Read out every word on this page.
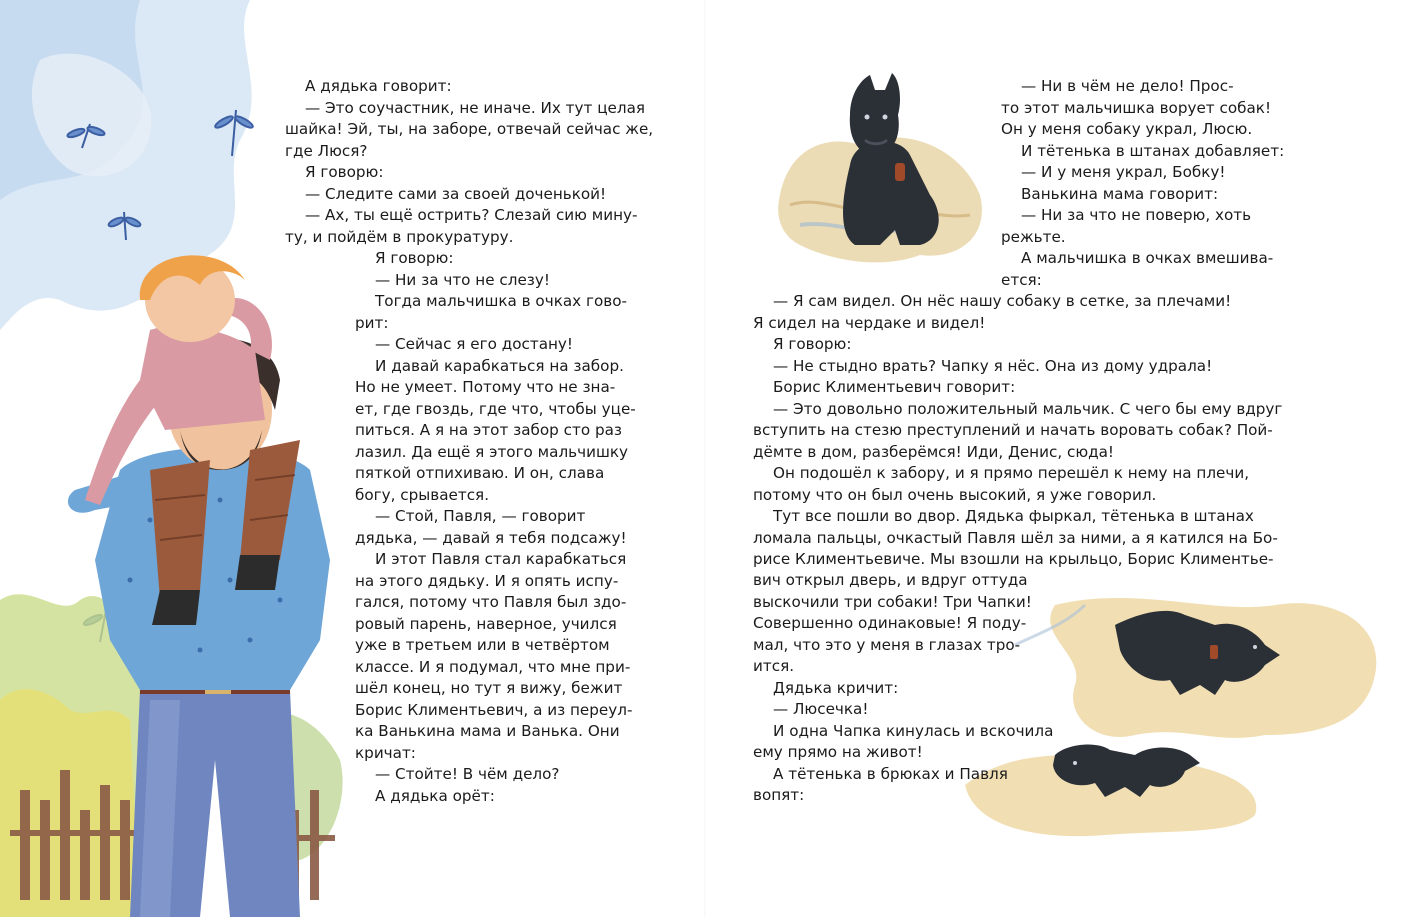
А дядька говорит:

— Это соучастник, не иначе. Их тут целая

шайка! Эй, ты, на заборе, отвечай сейчас же,

где Люся?

Я говорю:

— Следите сами за своей доченькой!

— Ах, ты ещё острить? Слезай сию мину-

ту, и пойдём в прокуратуру.

Я говорю:

— Ни за что не слезу!

Тогда мальчишка в очках гово-

рит:

— Сейчас я его достану!

И давай карабкаться на забор.

Но не умеет. Потому что не зна-

ет, где гвоздь, где что, чтобы уце-

питься. А я на этот забор сто раз

лазил. Да ещё я этого мальчишку

пяткой отпихиваю. И он, слава

богу, срывается.

— Стой, Павля, — говорит

дядька, — давай я тебя подсажу!

И этот Павля стал карабкаться

на этого дядьку. И я опять испу-

гался, потому что Павля был здо-

ровый парень, наверное, учился

уже в третьем или в четвёртом

классе. И я подумал, что мне при-

шёл конец, но тут я вижу, бежит

Борис Климентьевич, а из переул-

ка Ванькина мама и Ванька. Они

кричат:

— Стойте! В чём дело?

А дядька орёт:

— Ни в чём не дело! Прос-

то этот мальчишка ворует собак!

Он у меня собаку украл, Люсю.

И тётенька в штанах добавляет:

— И у меня украл, Бобку!

Ванькина мама говорит:

— Ни за что не поверю, хоть

режьте.

А мальчишка в очках вмешива-

ется:

— Я сам видел. Он нёс нашу собаку в сетке, за плечами!

Я сидел на чердаке и видел!

Я говорю:

— Не стыдно врать? Чапку я нёс. Она из дому удрала!

Борис Климентьевич говорит:

— Это довольно положительный мальчик. С чего бы ему вдруг

вступить на стезю преступлений и начать воровать собак? Пой-

дёмте в дом, разберёмся! Иди, Денис, сюда!

Он подошёл к забору, и я прямо перешёл к нему на плечи,

потому что он был очень высокий, я уже говорил.

Тут все пошли во двор. Дядька фыркал, тётенька в штанах

ломала пальцы, очкастый Павля шёл за ними, а я катился на Бо-

рисе Климентьевиче. Мы взошли на крыльцо, Борис Климентье-

вич открыл дверь, и вдруг оттуда

выскочили три собаки! Три Чапки!

Совершенно одинаковые! Я поду-

мал, что это у меня в глазах тро-

ится.

Дядька кричит:

— Люсечка!

И одна Чапка кинулась и вскочила

ему прямо на живот!

А тётенька в брюках и Павля

вопят:
